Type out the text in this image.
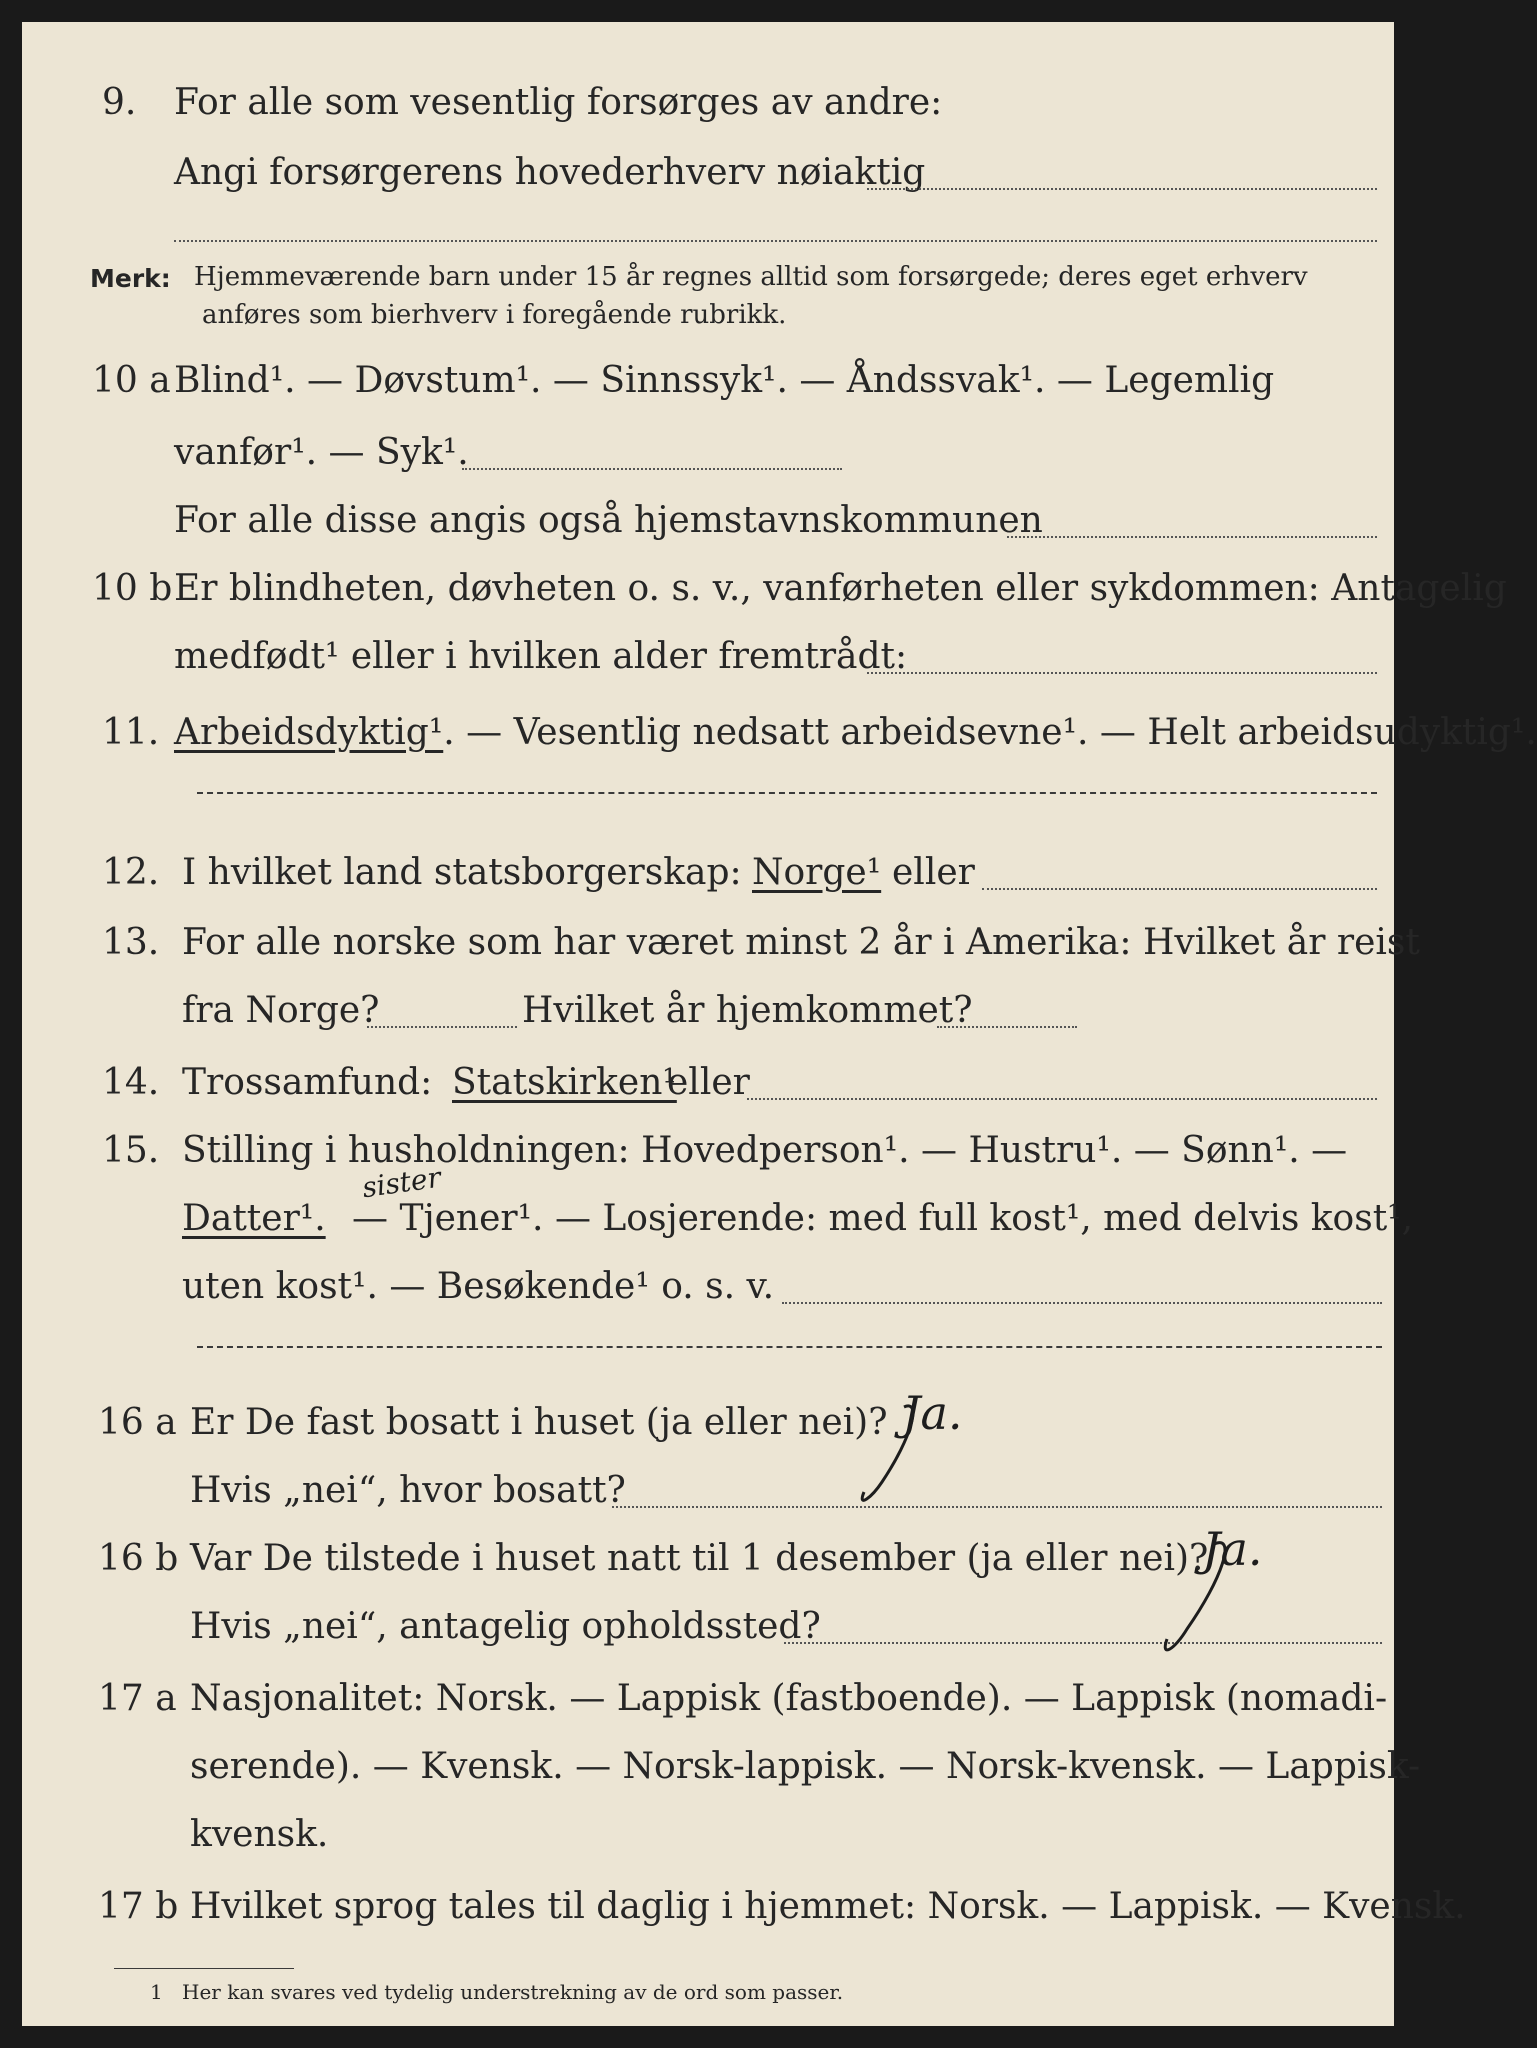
9. For alle som vesentlig forsørges av andre:
Angi forsørgerens hovederhverv nøiaktig
Merk: Hjemmeværende barn under 15 år regnes alltid som forsørgede; deres eget erhverv
anføres som bierhverv i foregående rubrikk.
10 a Blind¹. — Døvstum¹. — Sinnssyk¹. — Åndssvak¹. — Legemlig
vanfør¹. — Syk¹.
For alle disse angis også hjemstavnskommunen
10 b Er blindheten, døvheten o. s. v., vanførheten eller sykdommen: Antagelig
medfødt¹ eller i hvilken alder fremtrådt:
11. Arbeidsdyktig¹. — Vesentlig nedsatt arbeidsevne¹. — Helt arbeidsudyktig¹.
12. I hvilket land statsborgerskap: Norge¹ eller
13. For alle norske som har været minst 2 år i Amerika: Hvilket år reist
fra Norge?	Hvilket år hjemkommet?
14. Trossamfund: Statskirken¹
eller
15. Stilling i husholdningen: Hovedperson¹. — Hustru¹. — Sønn¹. —
sister
Datter¹. — Tjener¹. — Losjerende: med full kost¹, med delvis kost¹,
uten kost¹. — Besøkende¹ o. s. v.
16 a Er De fast bosatt i huset (ja eller nei)? Ja.
Hvis „nei“, hvor bosatt?
16 b Var De tilstede i huset natt til 1 desember (ja eller nei)?
Ja.
Hvis „nei“, antagelig opholdssted?
17 a Nasjonalitet: Norsk. — Lappisk (fastboende). — Lappisk (nomadi-
serende). — Kvensk. — Norsk-lappisk. — Norsk-kvensk. — Lappisk-
kvensk.
17 b Hvilket sprog tales til daglig i hjemmet: Norsk. — Lappisk. — Kvensk.
1 Her kan svares ved tydelig understrekning av de ord som passer.
